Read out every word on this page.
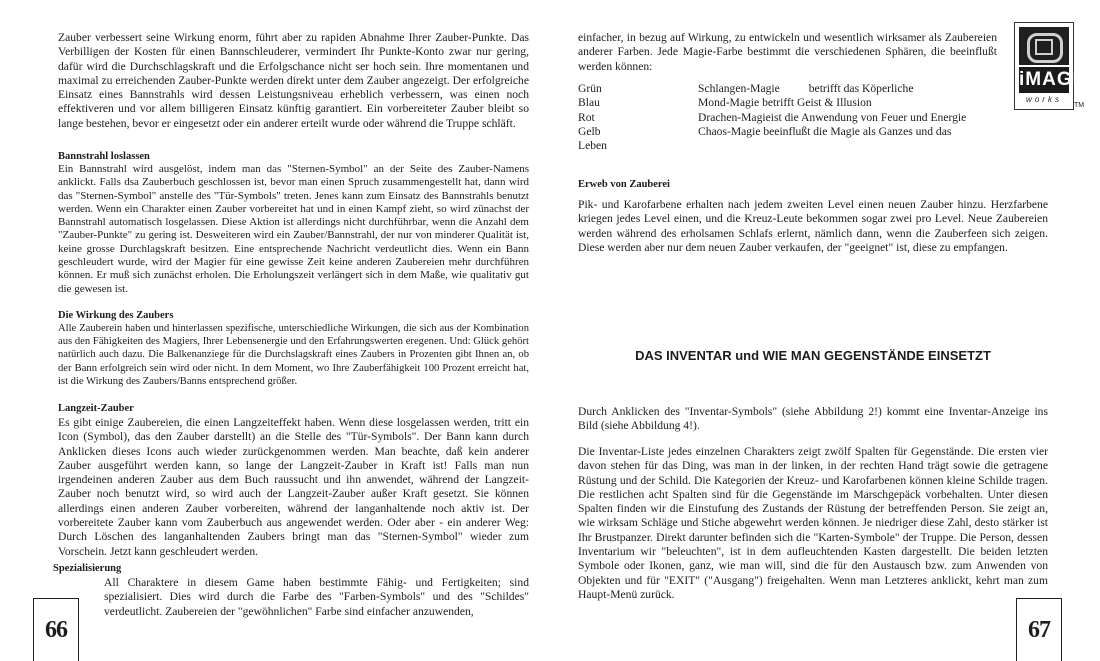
Zauber verbessert seine Wirkung enorm, führt aber zu rapiden Abnahme Ihrer Zauber-Punkte. Das Verbilligen der Kosten für einen Bannschleuderer, vermindert Ihr Punkte-Konto zwar nur gering, dafür wird die Durchschlagskraft und die Erfolgschance nicht ser hoch sein. Ihre momentanen und maximal zu erreichenden Zauber-Punkte werden direkt unter dem Zauber angezeigt. Der erfolgreiche Einsatz eines Bannstrahls wird dessen Leistungsniveau erheblich verbessern, was einen noch effektiveren und vor allem billigeren Einsatz künftig garantiert. Ein vorbereiteter Zauber bleibt so lange bestehen, bevor er eingesetzt oder ein anderer erteilt wurde oder während die Truppe schläft.

Bannstrahl loslassen

Ein Bannstrahl wird ausgelöst, indem man das "Sternen-Symbol" an der Seite des Zauber-Namens anklickt. Falls dsa Zauberbuch geschlossen ist, bevor man einen Spruch zusammengestellt hat, dann wird das "Sternen-Symbol" anstelle des "Tür-Symbols" treten. Jenes kann zum Einsatz des Bannstrahls benutzt werden. Wenn ein Charakter einen Zauber vorbereitet hat und in einen Kampf zieht, so wird zünachst der Bannstrahl automatisch losgelassen. Diese Aktion ist allerdings nicht durchführbar, wenn die Anzahl dem "Zauber-Punkte" zu gering ist. Desweiteren wird ein Zauber/Bannstrahl, der nur von minderer Qualität ist, keine grosse Durchlagskraft besitzen. Eine entsprechende Nachricht verdeutlicht dies. Wenn ein Bann geschleudert wurde, wird der Magier für eine gewisse Zeit keine anderen Zaubereien mehr durchführen können. Er muß sich zunächst erholen. Die Erholungszeit verlängert sich in dem Maße, wie qualitativ gut die gewesen ist.

Die Wirkung des Zaubers

Alle Zauberein haben und hinterlassen spezifische, unterschiedliche Wirkungen, die sich aus der Kombination aus den Fähigkeiten des Magiers, Ihrer Lebensenergie und den Erfahrungswerten eregenen. Und: Glück gehört natürlich auch dazu. Die Balkenanziege für die Durchslagskraft eines Zaubers in Prozenten gibt Ihnen an, ob der Bann erfolgreich sein wird oder nicht. In dem Moment, wo Ihre Zauberfähigkeit 100 Prozent erreicht hat, ist die Wirkung des Zaubers/Banns entsprechend größer.

Langzeit-Zauber

Es gibt einige Zaubereien, die einen Langzeiteffekt haben. Wenn diese losgelassen werden, tritt ein Icon (Symbol), das den Zauber darstellt) an die Stelle des "Tür-Symbols". Der Bann kann durch Anklicken dieses Icons auch wieder zurückgenommen werden. Man beachte, daß kein anderer Zauber ausgeführt werden kann, so lange der Langzeit-Zauber in Kraft ist! Falls man nun irgendeinen anderen Zauber aus dem Buch raussucht und ihn anwendet, während der Langzeit-Zauber noch benutzt wird, so wird auch der Langzeit-Zauber außer Kraft gesetzt. Sie können allerdings einen anderen Zauber vorbereiten, während der langanhaltende noch aktiv ist. Der vorbereitete Zauber kann vom Zauberbuch aus angewendet werden. Oder aber - ein anderer Weg: Durch Löschen des langanhaltenden Zaubers bringt man das "Sternen-Symbol" wieder zum Vorschein. Jetzt kann geschleudert werden.

Spezialisierung

All Charaktere in diesem Game haben bestimmte Fähig- und Fertigkeiten; sind spezialisiert. Dies wird durch die Farbe des "Farben-Symbols" und des "Schildes" verdeutlicht. Zaubereien der "gewöhnlichen" Farbe sind einfacher anzuwenden,

66

einfacher, in bezug auf Wirkung, zu entwickeln und wesentlich wirksamer als Zaubereien anderer Farben. Jede Magie-Farbe bestimmt die verschiedenen Sphären, die beeinflußt werden können:

Grün	Schlangen-Magie          betrifft das Köperliche
Blau	Mond-Magie betrifft Geist & Illusion
Rot	Drachen-Magieist die Anwendung von Feuer und Energie
Gelb	Chaos-Magie beeinflußt die Magie als Ganzes und das
Leben	
Erweb von Zauberei

Pik- und Karofarbene erhalten nach jedem zweiten Level einen neuen Zauber hinzu. Herzfarbene kriegen jedes Level einen, und die Kreuz-Leute bekommen sogar zwei pro Level. Neue Zaubereien werden während des erholsamen Schlafs erlernt, nämlich dann, wenn die Zauberfeen sich zeigen. Diese werden aber nur dem neuen Zauber verkaufen, der "geeignet" ist, diese zu empfangen.

DAS INVENTAR und WIE MAN GEGENSTÄNDE EINSETZT

Durch Anklicken des "Inventar-Symbols" (siehe Abbildung 2!) kommt eine Inventar-Anzeige ins Bild (siehe Abbildung 4!).

Die Inventar-Liste jedes einzelnen Charakters zeigt zwölf Spalten für Gegenstände. Die ersten vier davon stehen für das Ding, was man in der linken, in der rechten Hand trägt sowie die getragene Rüstung und der Schild. Die Kategorien der Kreuz- und Karofarbenen können kleine Schilde tragen. Die restlichen acht Spalten sind für die Gegenstände im Marschgepäck vorbehalten. Unter diesen Spalten finden wir die Einstufung des Zustands der Rüstung der betreffenden Person. Sie zeigt an, wie wirksam Schläge und Stiche abgewehrt werden können. Je niedriger diese Zahl, desto stärker ist Ihr Brustpanzer. Direkt darunter befinden sich die "Karten-Symbole" der Truppe. Die Person, dessen Inventarium wir "beleuchten", ist in dem aufleuchtenden Kasten dargestellt. Die beiden letzten Symbole oder Ikonen, ganz, wie man will, sind die für den Austausch bzw. zum Anwenden von Objekten und für "EXIT" ("Ausgang") freigehalten. Wenn man Letzteres anklickt, kehrt man zum Haupt-Menü zurück.

67
iMAGE
works
TM
